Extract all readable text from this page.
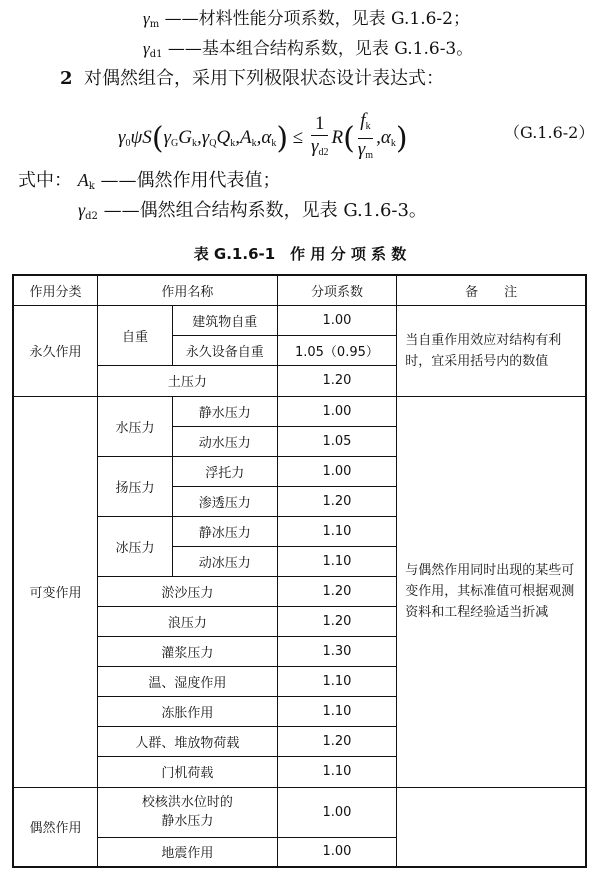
$\gamma_m$ ——材料性能分项系数，见表 G.1.6-2；
$\gamma_{d1}$ ——基本组合结构系数，见表 G.1.6-3。
2 对偶然组合，采用下列极限状态设计表达式：
$\gamma_0\psi S(\gamma_GG_k,\gamma_QQ_k,A_k,\alpha_k) \le \frac{1}{\gamma_{d2}} R( \frac{f_k}{\gamma_m} ,\alpha_k)$	（G.1.6-2）
式中： $A_k$ ——偶然作用代表值；
$\gamma_{d2}$ ——偶然组合结构系数，见表 G.1.6-3。
表 G.1.6-1　作 用 分 项 系 数
作用分类	作用名称		分项系数	备　　注
永久作用	自重	建筑物自重	1.00	当自重作用效应对结构有利时，宜采用括号内的数值
		永久设备自重	1.05（0.95）	
	土压力		1.20	
可变作用	水压力	静水压力	1.00	与偶然作用同时出现的某些可变作用，其标准值可根据观测资料和工程经验适当折减
		动水压力	1.05	
	扬压力	浮托力	1.00	
		渗透压力	1.20	
	冰压力	静冰压力	1.10	
		动冰压力	1.10	
	淤沙压力		1.20	
	浪压力		1.20	
	灌浆压力		1.30	
	温、湿度作用		1.10	
	冻胀作用		1.10	
	人群、堆放物荷载		1.20	
	门机荷载		1.10	
偶然作用	校核洪水位时的静水压力		1.00	
	地震作用		1.00	
